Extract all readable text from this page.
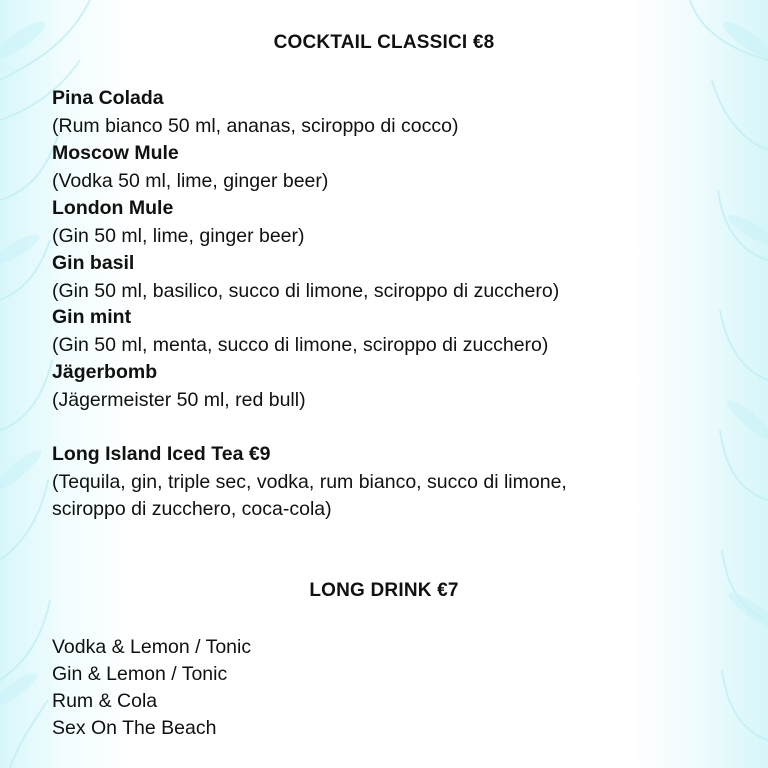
COCKTAIL CLASSICI €8
Pina Colada
(Rum bianco 50 ml, ananas, sciroppo di cocco)
Moscow Mule
(Vodka 50 ml, lime, ginger beer)
London Mule
(Gin 50 ml, lime, ginger beer)
Gin basil
(Gin 50 ml, basilico, succo di limone, sciroppo di zucchero)
Gin mint
(Gin 50 ml, menta, succo di limone, sciroppo di zucchero)
Jägerbomb
(Jägermeister 50 ml, red bull)
Long Island Iced Tea €9
(Tequila, gin, triple sec, vodka, rum bianco, succo di limone,
sciroppo di zucchero, coca-cola)
LONG DRINK €7
Vodka & Lemon / Tonic
Gin & Lemon / Tonic
Rum & Cola
Sex On The Beach
